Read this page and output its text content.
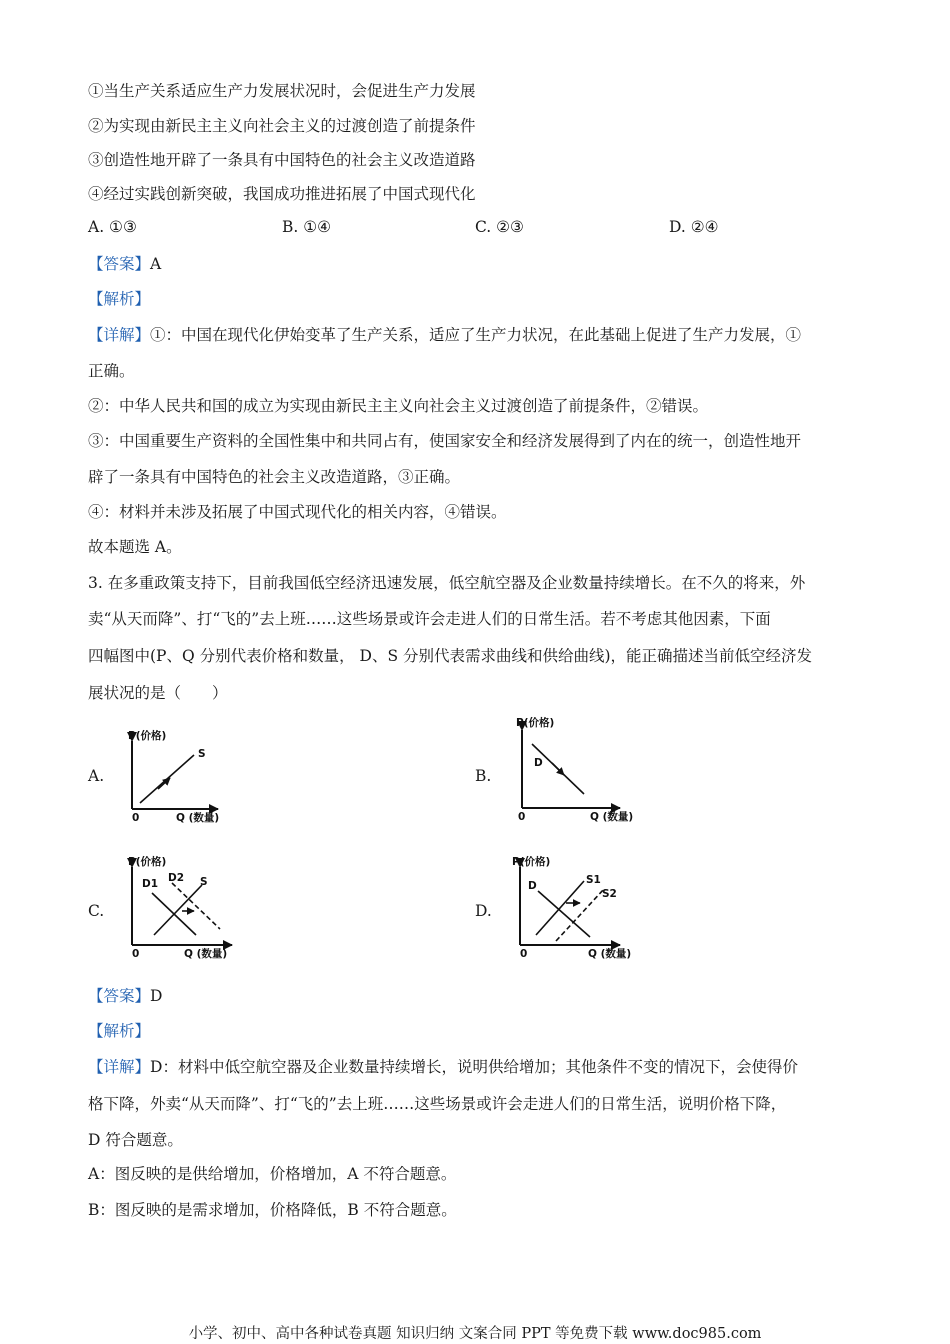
①当生产关系适应生产力发展状况时，会促进生产力发展
②为实现由新民主主义向社会主义的过渡创造了前提条件
③创造性地开辟了一条具有中国特色的社会主义改造道路
④经过实践创新突破，我国成功推进拓展了中国式现代化
A. ①③	B. ①④	C. ②③	D. ②④
【答案】A
【解析】
【详解】①：中国在现代化伊始变革了生产关系，适应了生产力状况，在此基础上促进了生产力发展，①
正确。
②：中华人民共和国的成立为实现由新民主主义向社会主义过渡创造了前提条件，②错误。
③：中国重要生产资料的全国性集中和共同占有，使国家安全和经济发展得到了内在的统一，创造性地开
辟了一条具有中国特色的社会主义改造道路，③正确。
④：材料并未涉及拓展了中国式现代化的相关内容，④错误。
故本题选 A。
3. 在多重政策支持下，目前我国低空经济迅速发展，低空航空器及企业数量持续增长。在不久的将来，外
卖“从天而降”、打“飞的”去上班……这些场景或许会走进人们的日常生活。若不考虑其他因素，下面
四幅图中(P、Q 分别代表价格和数量， D、S 分别代表需求曲线和供给曲线)，能正确描述当前低空经济发
展状况的是（　　）
A.
P(价格)
0	Q (数量)
S
B.
P(价格)
0	Q (数量)
D
C.
P(价格)
0	Q (数量)
D1 D2 S
D.
P(价格)
0	Q (数量)
D	S1
S2
【答案】D
【解析】
【详解】D：材料中低空航空器及企业数量持续增长，说明供给增加；其他条件不变的情况下，会使得价
格下降，外卖“从天而降”、打“飞的”去上班……这些场景或许会走进人们的日常生活，说明价格下降，
D 符合题意。
A：图反映的是供给增加，价格增加，A 不符合题意。
B：图反映的是需求增加，价格降低，B 不符合题意。
小学、初中、高中各种试卷真题 知识归纳 文案合同 PPT 等免费下载 www.doc985.com
